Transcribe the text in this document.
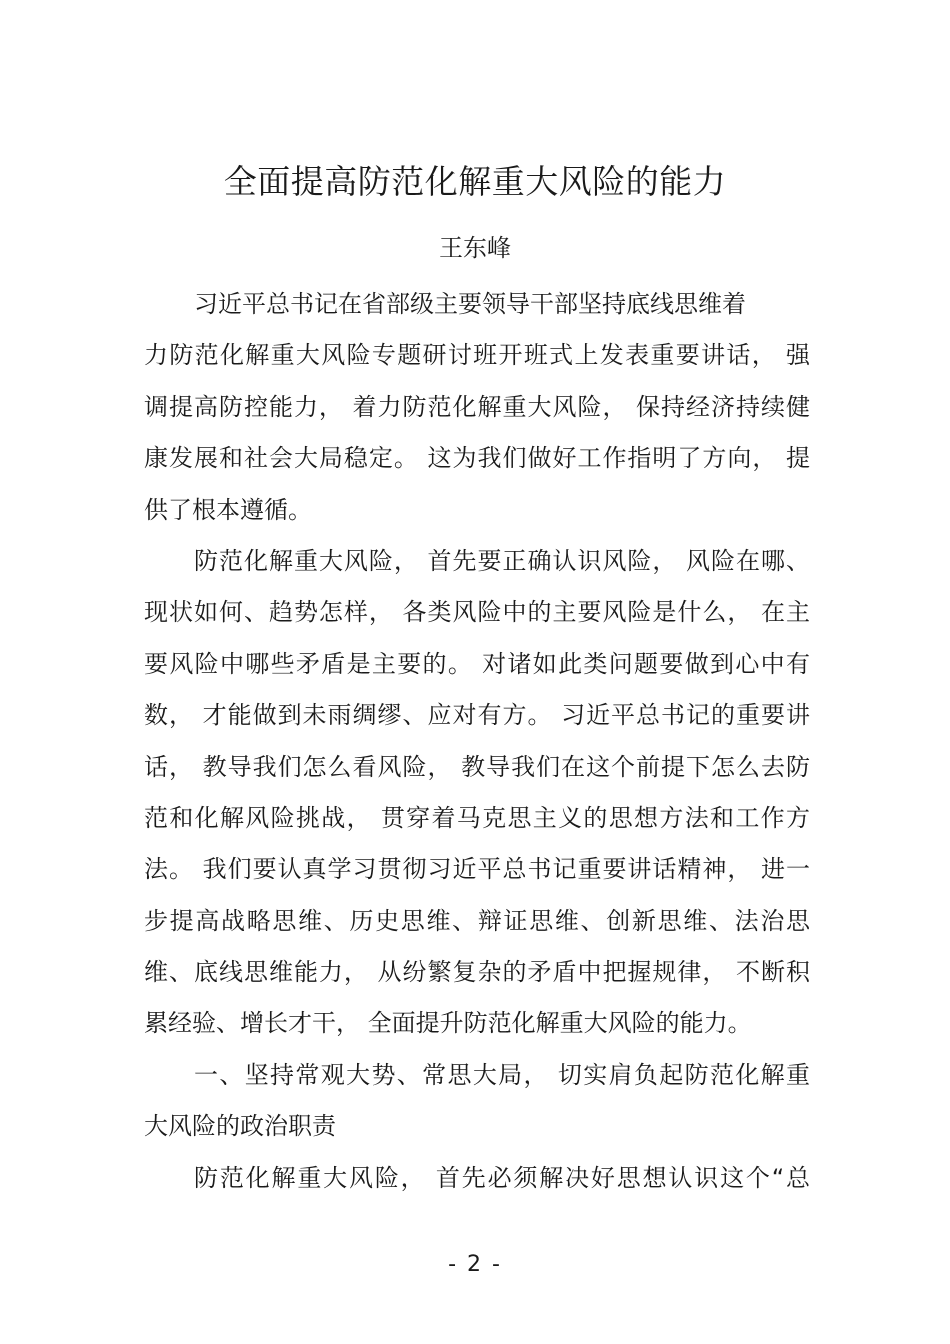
全面提高防范化解重大风险的能力
王东峰
习近平总书记在省部级主要领导干部坚持底线思维着
力防范化解重大风险专题研讨班开班式上发表重要讲话， 强
调提高防控能力， 着力防范化解重大风险， 保持经济持续健
康发展和社会大局稳定。 这为我们做好工作指明了方向， 提
供了根本遵循。
防范化解重大风险， 首先要正确认识风险， 风险在哪、
现状如何、趋势怎样， 各类风险中的主要风险是什么， 在主
要风险中哪些矛盾是主要的。 对诸如此类问题要做到心中有
数， 才能做到未雨绸缪、应对有方。 习近平总书记的重要讲
话， 教导我们怎么看风险， 教导我们在这个前提下怎么去防
范和化解风险挑战， 贯穿着马克思主义的思想方法和工作方
法。 我们要认真学习贯彻习近平总书记重要讲话精神， 进一
步提高战略思维、历史思维、辩证思维、创新思维、法治思
维、底线思维能力， 从纷繁复杂的矛盾中把握规律， 不断积
累经验、增长才干， 全面提升防范化解重大风险的能力。
一、坚持常观大势、常思大局， 切实肩负起防范化解重
大风险的政治职责
防范化解重大风险， 首先必须解决好思想认识这个“总
- 2 -
